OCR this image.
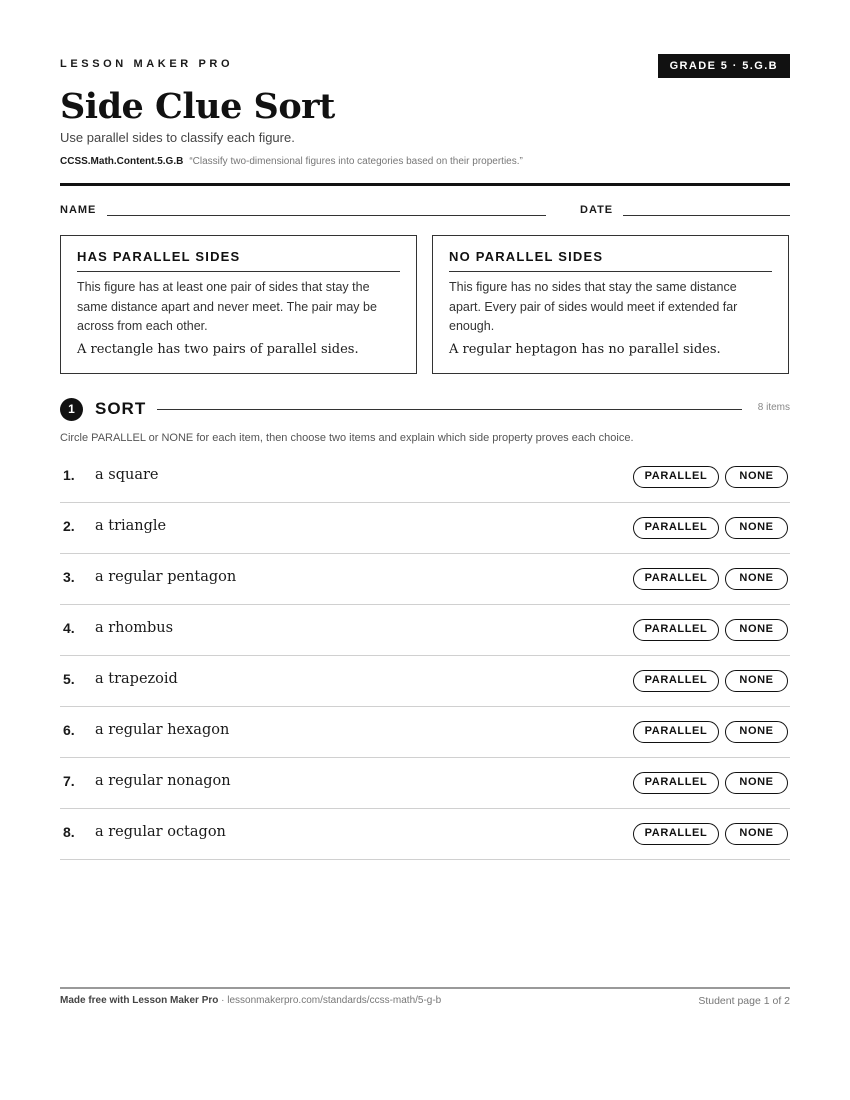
LESSON MAKER PRO	GRADE 5 · 5.G.B
Side Clue Sort
Use parallel sides to classify each figure.
CCSS.Math.Content.5.G.B “Classify two-dimensional figures into categories based on their properties.”
NAME	DATE
HAS PARALLEL SIDES
This figure has at least one pair of sides that stay the same distance apart and never meet. The pair may be across from each other.
A rectangle has two pairs of parallel sides.
NO PARALLEL SIDES
This figure has no sides that stay the same distance apart. Every pair of sides would meet if extended far enough.
A regular heptagon has no parallel sides.
1	SORT	8 items
Circle PARALLEL or NONE for each item, then choose two items and explain which side property proves each choice.
1. a square	PARALLEL	NONE
2. a triangle	PARALLEL	NONE
3. a regular pentagon	PARALLEL	NONE
4. a rhombus	PARALLEL	NONE
5. a trapezoid	PARALLEL	NONE
6. a regular hexagon	PARALLEL	NONE
7. a regular nonagon	PARALLEL	NONE
8. a regular octagon	PARALLEL	NONE
Made free with Lesson Maker Pro · lessonmakerpro.com/standards/ccss-math/5-g-b	Student page 1 of 2
